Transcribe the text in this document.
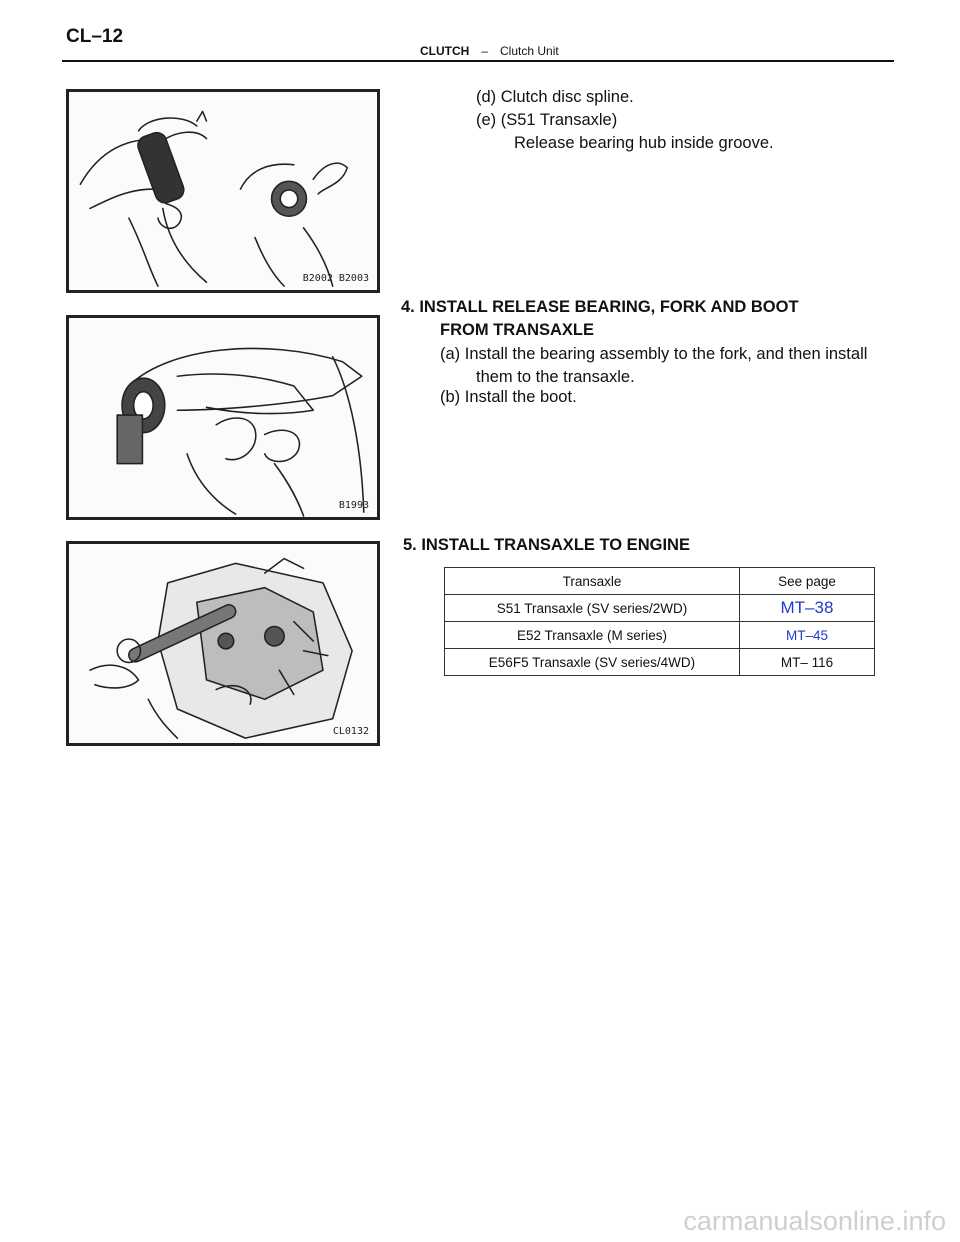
CL–12
CLUTCH – Clutch Unit
B2002 B2003
B1993
CL0132
(d) Clutch disc spline.
(e) (S51 Transaxle)
Release bearing hub inside groove.
4. INSTALL RELEASE BEARING, FORK AND BOOT
FROM TRANSAXLE
(a) Install the bearing assembly to the fork, and then install
them to the transaxle.
(b) Install the boot.
5. INSTALL TRANSAXLE TO ENGINE
Transaxle	See page
S51 Transaxle (SV series/2WD)	MT–38
E52 Transaxle (M series)	MT–45
E56F5 Transaxle (SV series/4WD)	MT– 116
carmanualsonline.info
